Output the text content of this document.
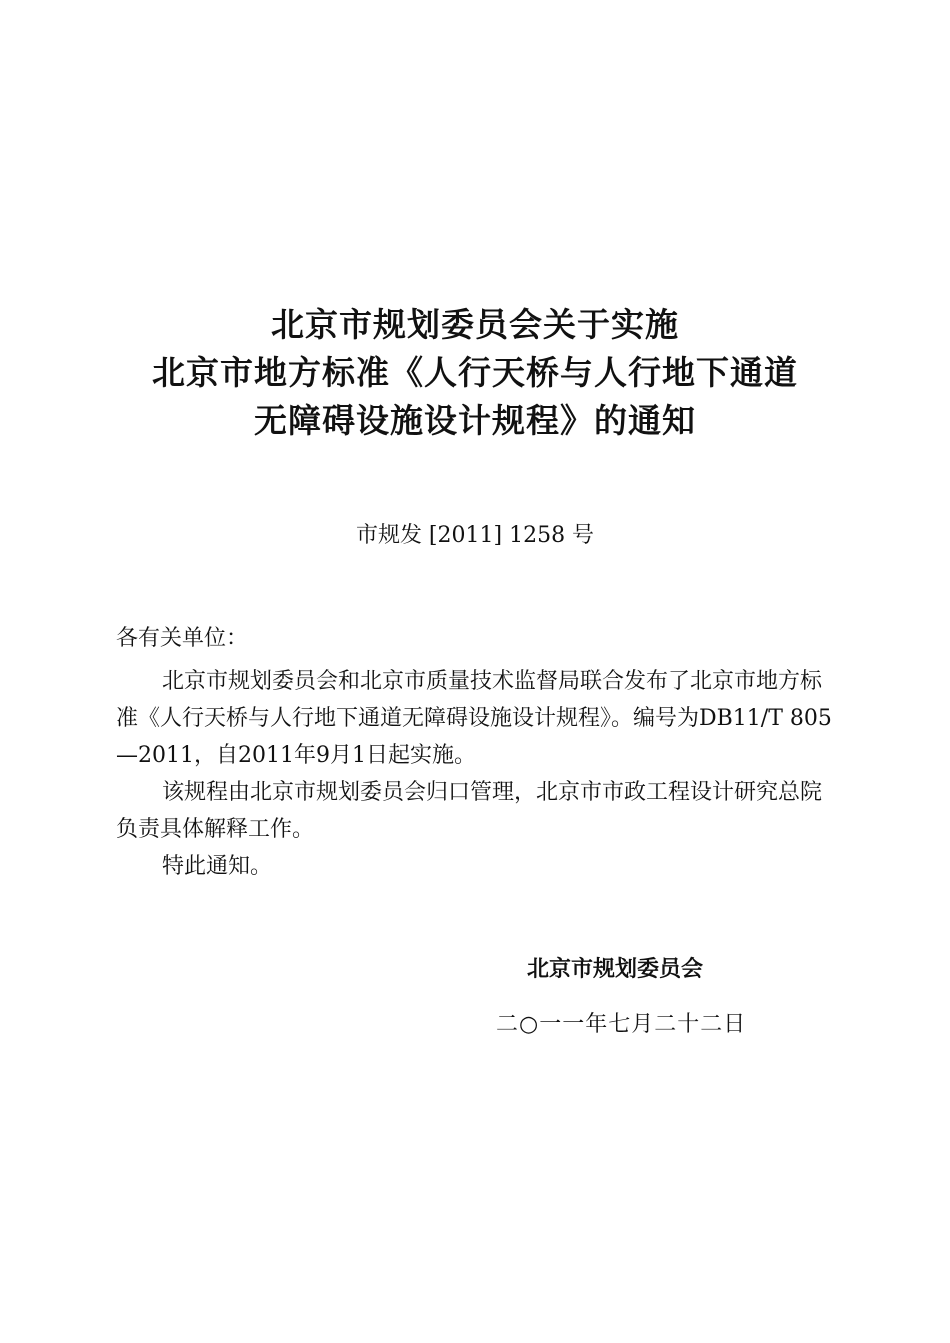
北京市规划委员会关于实施
北京市地方标准《人行天桥与人行地下通道
无障碍设施设计规程》的通知
市规发 [2011] 1258 号
各有关单位：
北京市规划委员会和北京市质量技术监督局联合发布了北京市地方标准《人行天桥与人行地下通道无障碍设施设计规程》。编号为DB11/T 805—2011，自2011年9月1日起实施。
该规程由北京市规划委员会归口管理，北京市市政工程设计研究总院负责具体解释工作。
特此通知。
北京市规划委员会
二○一一年七月二十二日
